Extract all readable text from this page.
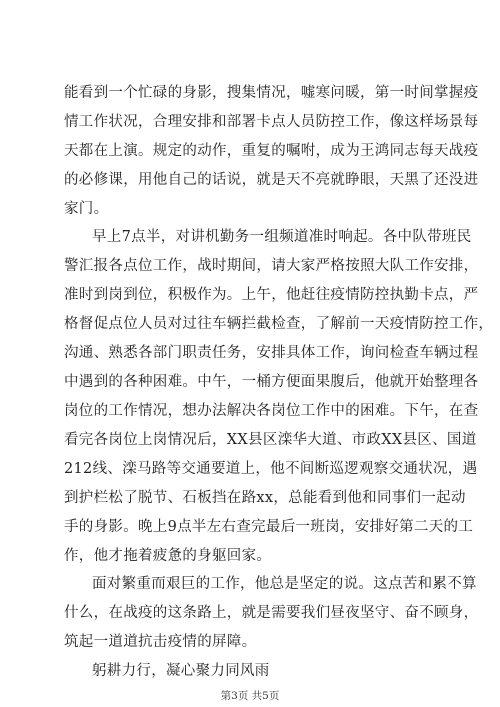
能看到一个忙碌的身影，搜集情况，嘘寒问暖，第一时间掌握疫
情工作状况，合理安排和部署卡点人员防控工作，像这样场景每
天都在上演。规定的动作，重复的嘱咐，成为王鸿同志每天战疫
的必修课，用他自己的话说，就是天不亮就睁眼，天黑了还没进
家门。
早上7点半，对讲机勤务一组频道准时响起。各中队带班民
警汇报各点位工作，战时期间，请大家严格按照大队工作安排，
准时到岗到位，积极作为。上午，他赶往疫情防控执勤卡点，严
格督促点位人员对过往车辆拦截检查，了解前一天疫情防控工作，
沟通、熟悉各部门职责任务，安排具体工作，询问检查车辆过程
中遇到的各种困难。中午，一桶方便面果腹后，他就开始整理各
岗位的工作情况，想办法解决各岗位工作中的困难。下午，在查
看完各岗位上岗情况后，XX县区滦华大道、市政XX县区、国道
212线、滦马路等交通要道上，他不间断巡逻观察交通状况，遇
到护栏松了脱节、石板挡在路xx，总能看到他和同事们一起动
手的身影。晚上9点半左右查完最后一班岗，安排好第二天的工
作，他才拖着疲惫的身躯回家。
面对繁重而艰巨的工作，他总是坚定的说。这点苦和累不算
什么，在战疫的这条路上，就是需要我们昼夜坚守、奋不顾身，
筑起一道道抗击疫情的屏障。
第3页 共5页
躬耕力行，凝心聚力同风雨
